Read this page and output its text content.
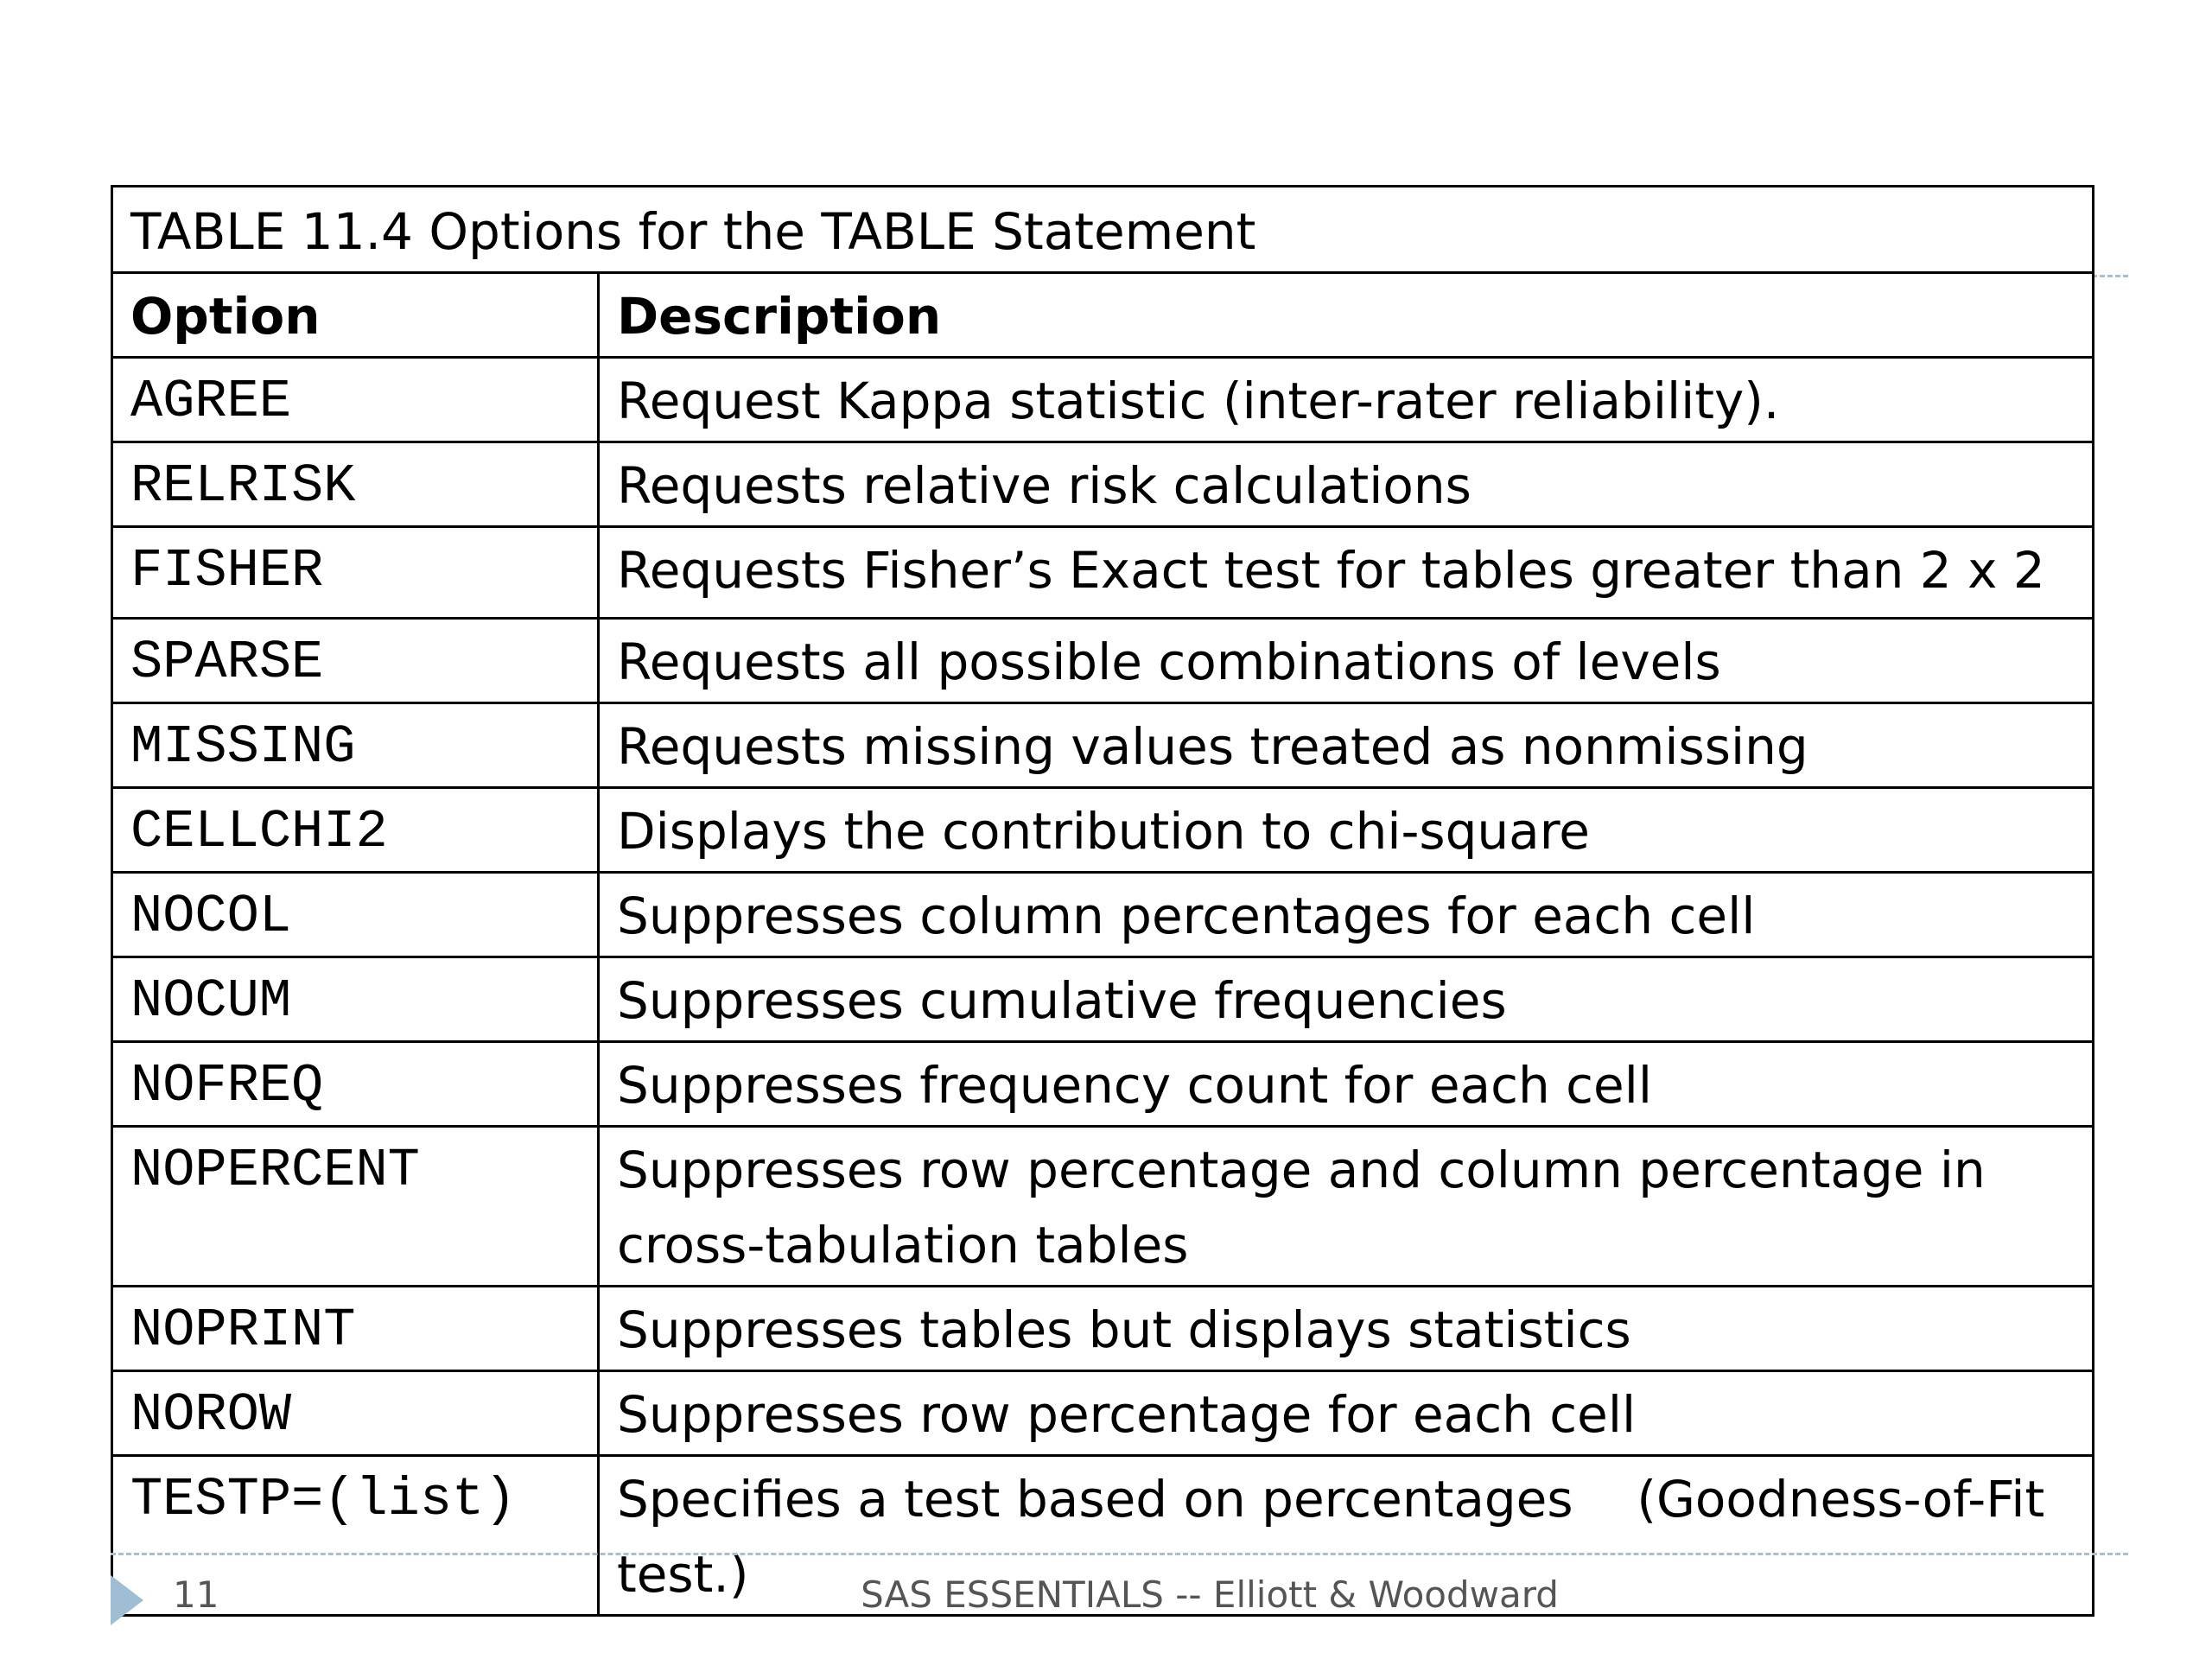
TABLE 11.4 Options for the TABLE Statement	
Option	Description
AGREE	Request Kappa statistic (inter-rater reliability).
RELRISK	Requests relative risk calculations
FISHER	Requests Fisher’s Exact test for tables greater than 2 x 2
SPARSE	Requests all possible combinations of levels
MISSING	Requests missing values treated as nonmissing
CELLCHI2	Displays the contribution to chi-square
NOCOL	Suppresses column percentages for each cell
NOCUM	Suppresses cumulative frequencies
NOFREQ	Suppresses frequency count for each cell
NOPERCENT	Suppresses row percentage and column percentage in cross-tabulation tables
NOPRINT	Suppresses tables but displays statistics
NOROW	Suppresses row percentage for each cell
TESTP=(list)	Specifies a test based on percentages    (Goodness-of-Fit test.)
11	SAS ESSENTIALS -- Elliott & Woodward
